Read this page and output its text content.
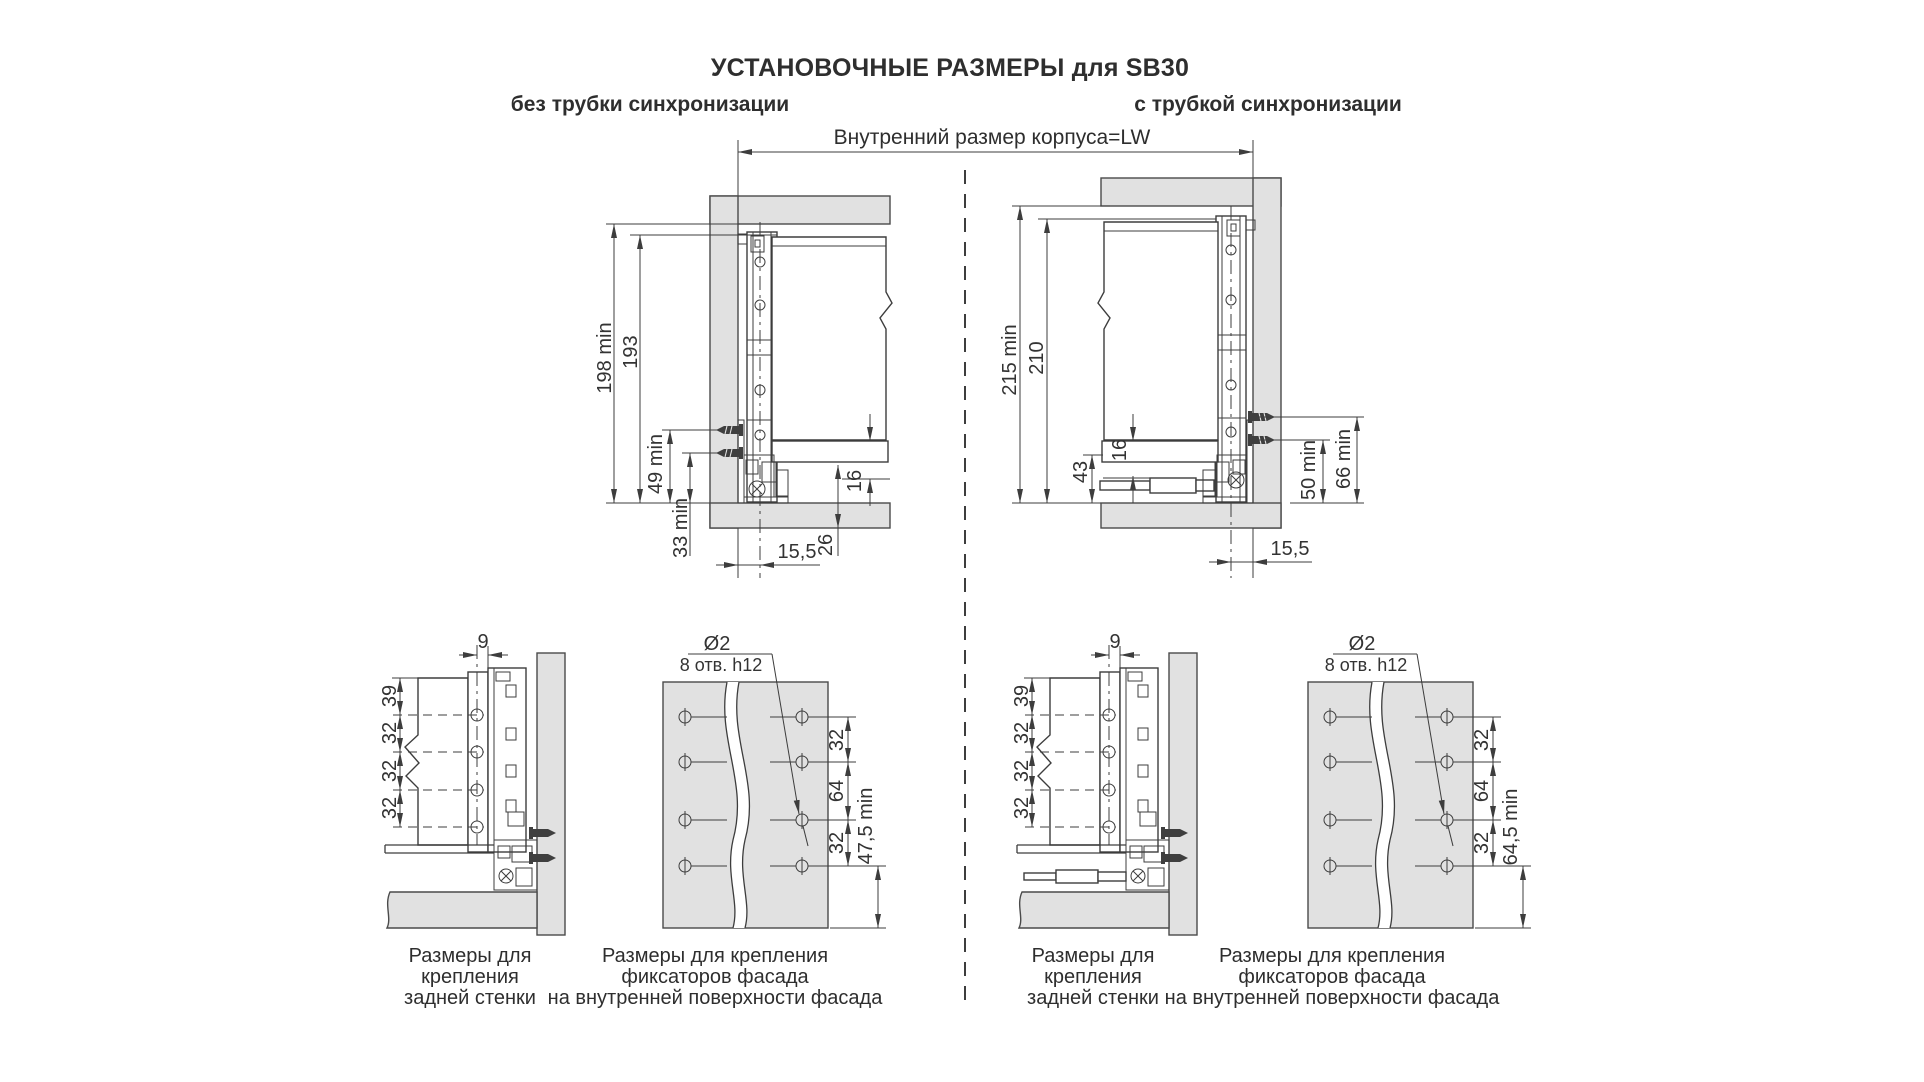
УСТАНОВОЧНЫЕ РАЗМЕРЫ для SB30
без трубки синхронизации	с трубкой синхронизации
Внутренний размер корпуса=LW
198 min 193
49 min
33 min
16
26
15,5
215 min 210
43
16	50 min 66 min
15,5
39
32
32
32
9	Ø2
8 отв. h12
32
64
32 47,5 min
39
32
32
32
9	Ø2
8 отв. h12
32
64
32 64,5 min
Размеры для
крепления
задней стенки
Размеры для крепления
фиксаторов фасада
на внутренней поверхности фасада
Размеры для
крепления
задней стенки
Размеры для крепления
фиксаторов фасада
на внутренней поверхности фасада
